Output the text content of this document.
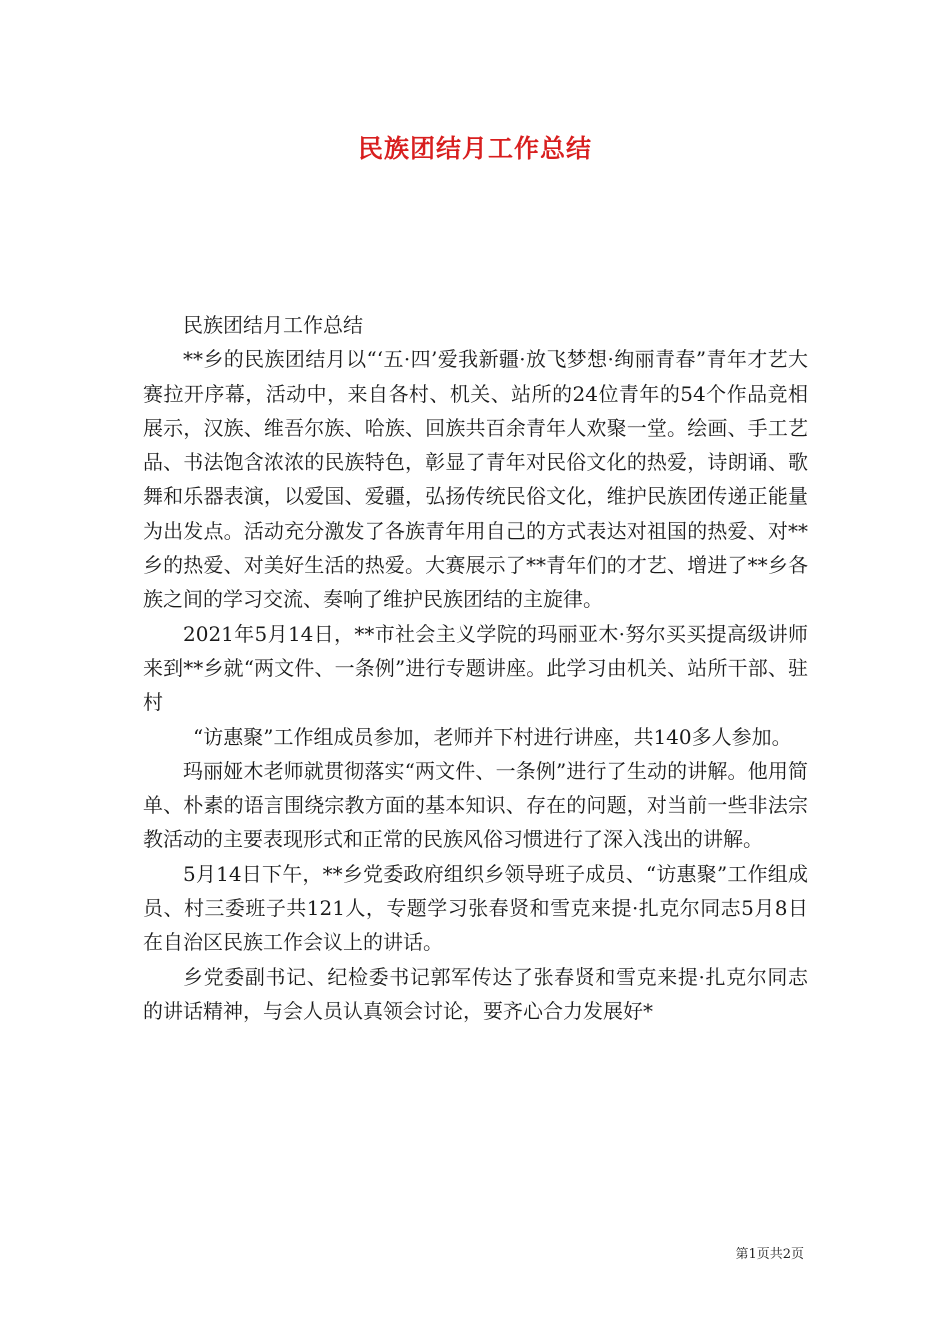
民族团结月工作总结

民族团结月工作总结

**乡的民族团结月以“‘五·四’爱我新疆·放飞梦想·绚丽青春”青年才艺大赛拉开序幕，活动中，来自各村、机关、站所的24位青年的54个作品竞相展示，汉族、维吾尔族、哈族、回族共百余青年人欢聚一堂。绘画、手工艺品、书法饱含浓浓的民族特色，彰显了青年对民俗文化的热爱，诗朗诵、歌舞和乐器表演，以爱国、爱疆，弘扬传统民俗文化，维护民族团传递正能量为出发点。活动充分激发了各族青年用自己的方式表达对祖国的热爱、对**乡的热爱、对美好生活的热爱。大赛展示了**青年们的才艺、增进了**乡各族之间的学习交流、奏响了维护民族团结的主旋律。

2021年5月14日，**市社会主义学院的玛丽亚木·努尔买买提高级讲师来到**乡就“两文件、一条例”进行专题讲座。此学习由机关、站所干部、驻村

“访惠聚”工作组成员参加，老师并下村进行讲座，共140多人参加。

玛丽娅木老师就贯彻落实“两文件、一条例”进行了生动的讲解。他用简单、朴素的语言围绕宗教方面的基本知识、存在的问题，对当前一些非法宗教活动的主要表现形式和正常的民族风俗习惯进行了深入浅出的讲解。

5月14日下午，**乡党委政府组织乡领导班子成员、“访惠聚”工作组成员、村三委班子共121人，专题学习张春贤和雪克来提·扎克尔同志5月8日在自治区民族工作会议上的讲话。

乡党委副书记、纪检委书记郭军传达了张春贤和雪克来提·扎克尔同志的讲话精神，与会人员认真领会讨论，要齐心合力发展好*

第1页共2页
